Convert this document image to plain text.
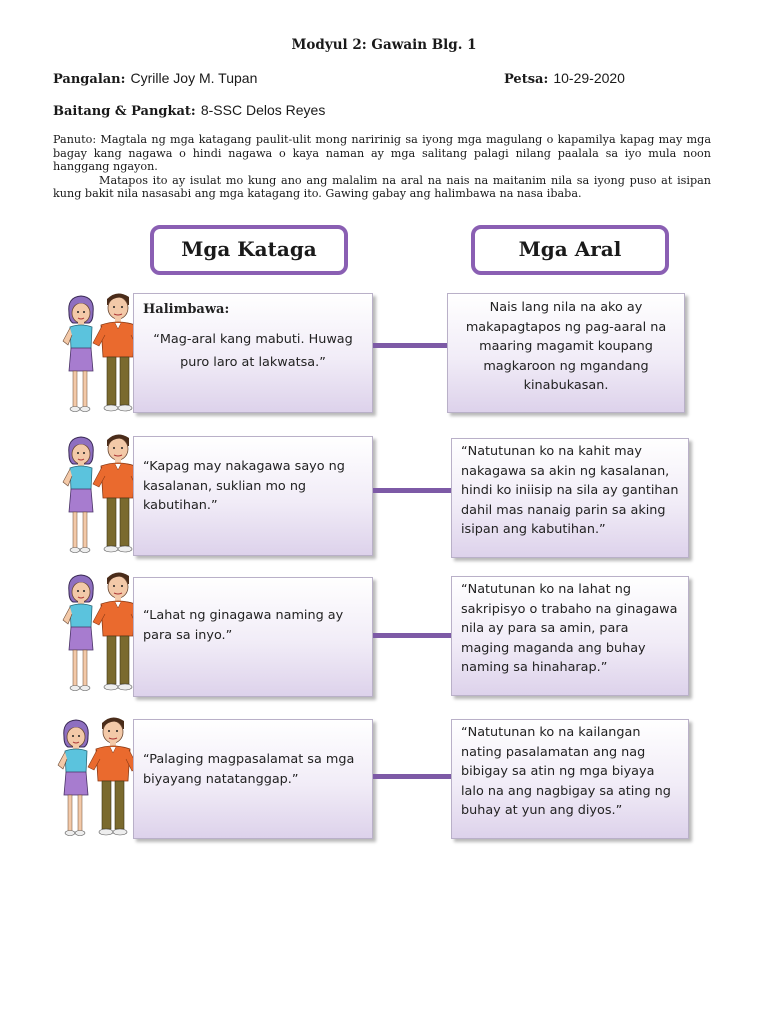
Modyul 2: Gawain Blg. 1
Pangalan: Cyrille Joy M. Tupan	Petsa: 10-29-2020
Baitang & Pangkat: 8-SSC Delos Reyes

Panuto: Magtala ng mga katagang paulit-ulit mong naririnig sa iyong mga magulang o kapamilya kapag may mga bagay kang nagawa o hindi nagawa o kaya naman ay mga salitang palagi nilang paalala sa iyo mula noon hanggang ngayon.

Matapos ito ay isulat mo kung ano ang malalim na aral na nais na maitanim nila sa iyong puso at isipan kung bakit nila nasasabi ang mga katagang ito. Gawing gabay ang halimbawa na nasa ibaba.

Mga Kataga	Mga Aral
Halimbawa:
“Mag-aral kang mabuti. Huwag puro laro at lakwatsa.”
Nais lang nila na ako ay makapagtapos ng pag-aaral na maaring magamit koupang magkaroon ng mgandang kinabukasan.
“Kapag may nakagawa sayo ng kasalanan, suklian mo ng kabutihan.”
“Natutunan ko na kahit may nakagawa sa akin ng kasalanan, hindi ko iniisip na sila ay gantihan dahil mas nanaig parin sa aking isipan ang kabutihan.”
“Lahat ng ginagawa naming ay para sa inyo.”
“Natutunan ko na lahat ng sakripisyo o trabaho na ginagawa nila ay para sa amin, para maging maganda ang buhay naming sa hinaharap.”
“Palaging magpasalamat sa mga biyayang natatanggap.”
“Natutunan ko na kailangan nating pasalamatan ang nag bibigay sa atin ng mga biyaya lalo na ang nagbigay sa ating ng buhay at yun ang diyos.”
